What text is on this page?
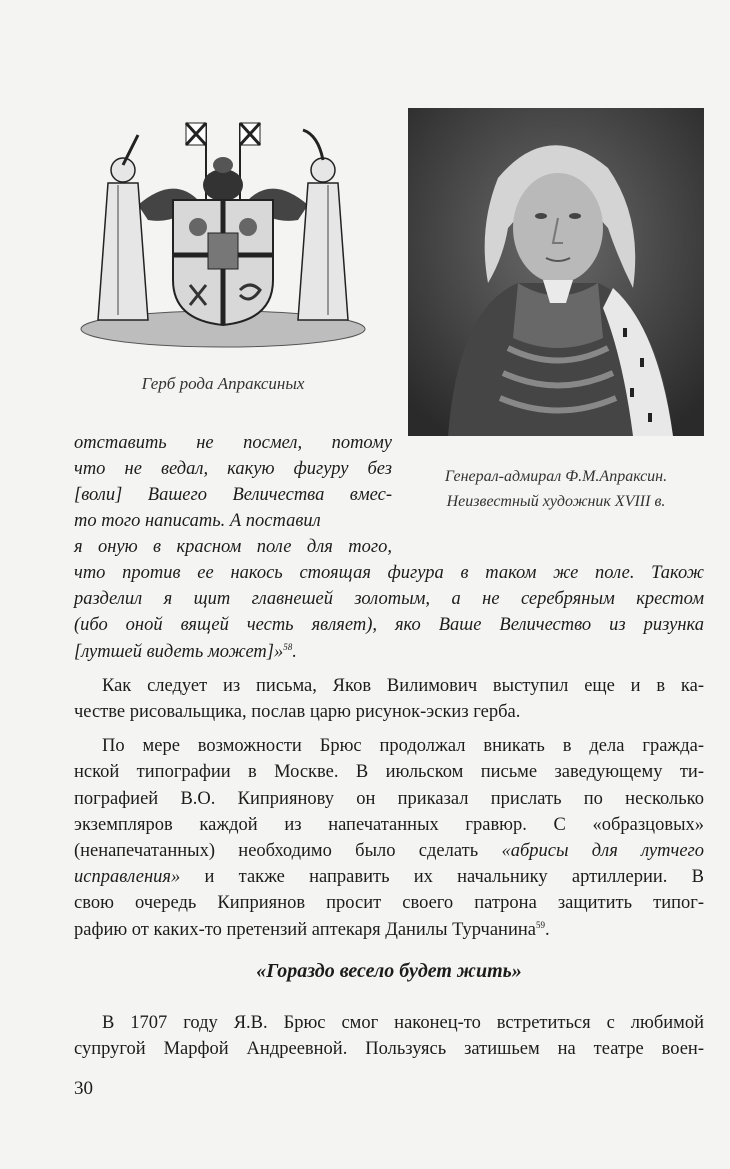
Герб рода Апраксиных
Генерал-адмирал Ф.М.Апраксин.
Неизвестный художник XVIII в.
отставить не посмел, потому
что не ведал, какую фигуру без
[воли] Вашего Величества вмес-
то того написать. А поставил
я оную в красном поле для того,
что против ее накось стоящая фигура в таком же поле. Також
разделил я щит главнешей золотым, а не серебряным крестом
(ибо оной вящей честь являет), яко Ваше Величество из ризунка
[лутшей видеть может]»$^{58}$.

Как следует из письма, Яков Вилимович выступил еще и в ка-
честве рисовальщика, послав царю рисунок-эскиз герба.

По мере возможности Брюс продолжал вникать в дела гражда-
нской типографии в Москве. В июльском письме заведующему ти-
пографией В.О. Киприянову он приказал прислать по несколько
экземпляров каждой из напечатанных гравюр. С «образцовых»
(ненапечатанных) необходимо было сделать «абрисы для лутчего
исправления» и также направить их начальнику артиллерии. В
свою очередь Киприянов просит своего патрона защитить типог-
рафию от каких-то претензий аптекаря Данилы Турчанина$^{59}$.

«Гораздо весело будет жить»
В 1707 году Я.В. Брюс смог наконец-то встретиться с любимой
супругой Марфой Андреевной. Пользуясь затишьем на театре воен-
30
